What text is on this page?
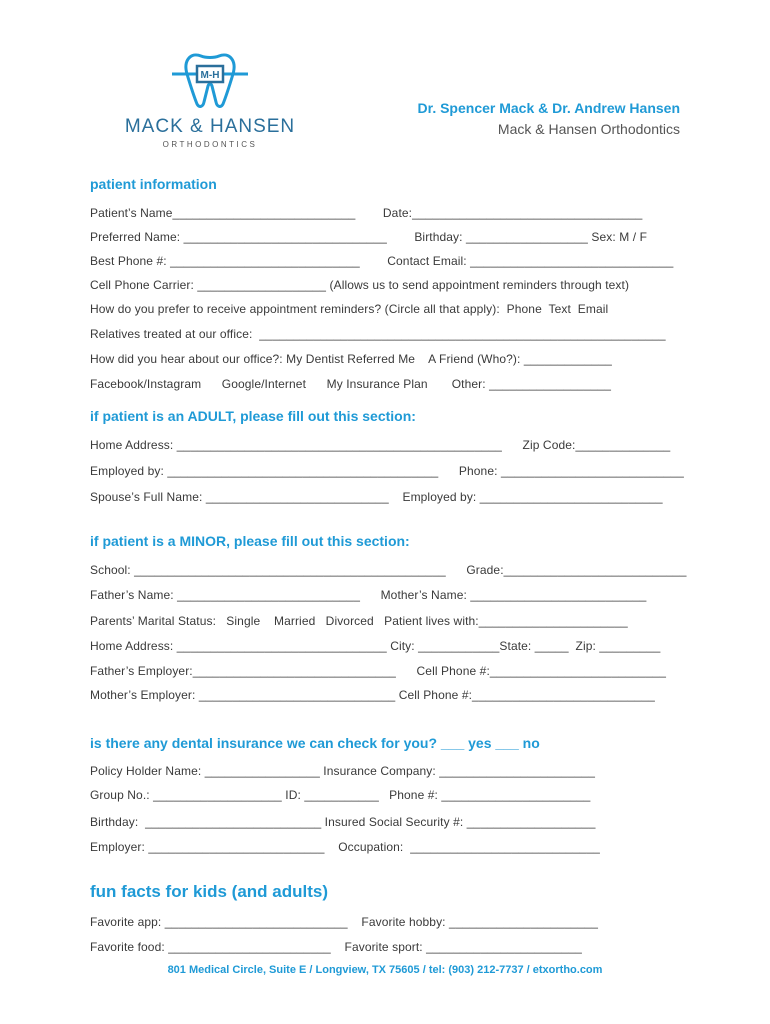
M-H
MACK & HANSEN
ORTHODONTICS
Dr. Spencer Mack & Dr. Andrew Hansen
Mack & Hansen Orthodontics
patient information
Patient’s Name___________________________        Date:__________________________________
Preferred Name: ______________________________        Birthday: __________________ Sex: M / F
Best Phone #: ____________________________        Contact Email: ______________________________
Cell Phone Carrier: ___________________ (Allows us to send appointment reminders through text)
How do you prefer to receive appointment reminders? (Circle all that apply):  Phone  Text  Email
Relatives treated at our office:  ____________________________________________________________
How did you hear about our office?: My Dentist Referred Me    A Friend (Who?): _____________
Facebook/Instagram      Google/Internet      My Insurance Plan       Other: __________________
if patient is an ADULT, please fill out this section:
Home Address: ________________________________________________      Zip Code:______________
Employed by: ________________________________________      Phone: ___________________________
Spouse’s Full Name: ___________________________    Employed by: ___________________________
if patient is a MINOR, please fill out this section:
School: ______________________________________________      Grade:___________________________
Father’s Name: ___________________________      Mother’s Name: __________________________
Parents’ Marital Status:   Single    Married   Divorced   Patient lives with:______________________
Home Address: _______________________________ City: ____________State: _____  Zip: _________
Father’s Employer:______________________________      Cell Phone #:__________________________
Mother’s Employer: _____________________________ Cell Phone #:___________________________
is there any dental insurance we can check for you? ___ yes ___ no
Policy Holder Name: _________________ Insurance Company: _______________________
Group No.: ___________________ ID: ___________   Phone #: ______________________
Birthday:  __________________________ Insured Social Security #: ___________________
Employer: __________________________    Occupation:  ____________________________
fun facts for kids (and adults)
Favorite app: ___________________________    Favorite hobby: ______________________
Favorite food: ________________________    Favorite sport: _______________________
801 Medical Circle, Suite E / Longview, TX 75605 / tel: (903) 212-7737 / etxortho.com
